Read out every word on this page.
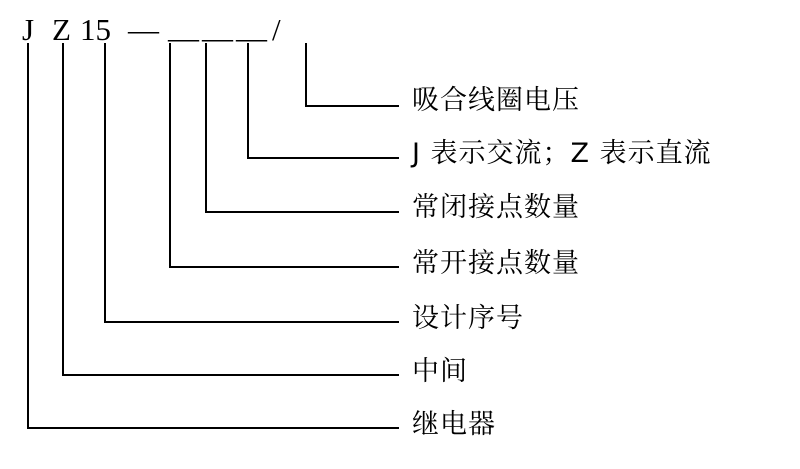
J Z 15 — — — — /
吸合线圈电压
J 表示交流；Z 表示直流
常闭接点数量
常开接点数量
设计序号
中间
继电器
